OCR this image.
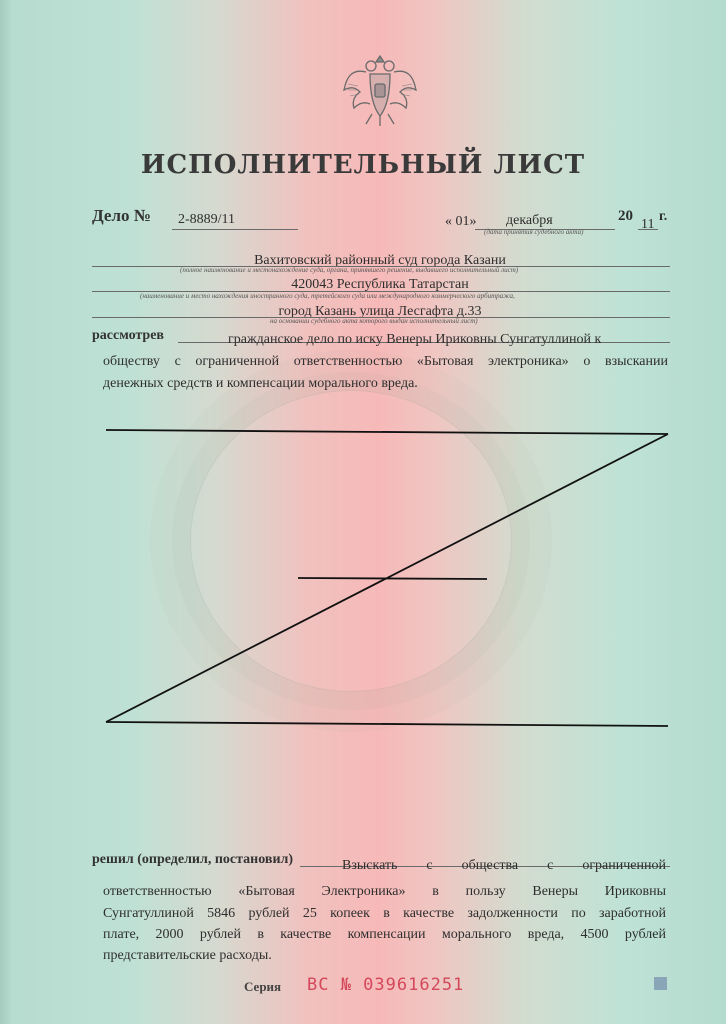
ИСПОЛНИТЕЛЬНЫЙ ЛИСТ
Дело № 2-8889/11	« 01» декабря	20
11
г.
(дата принятия судебного акта)
Вахитовский районный суд города Казани
(полное наименование и местонахождение суда, органа, принявшего решение, выдавшего исполнительный лист)
420043 Республика Татарстан
(наименование и место нахождения иностранного суда, третейского суда или международного коммерческого арбитража,
город Казань улица Лесгафта д.33
на основании судебного акта которого выдан исполнительный лист)
рассмотрев	гражданское дело по иску Венеры Ириковны Сунгатуллиной к
обществу с ограниченной ответственностью «Бытовая электроника» о взыскании
денежных средств и компенсации морального вреда.
решил (определил, постановил)	Взыскать с общества с ограниченной
ответственностью «Бытовая Электроника» в пользу Венеры Ириковны
Сунгатуллиной 5846 рублей 25 копеек в качестве задолженности по заработной
плате, 2000 рублей в качестве компенсации морального вреда, 4500 рублей
представительские расходы.
Серия ВС № 039616251
